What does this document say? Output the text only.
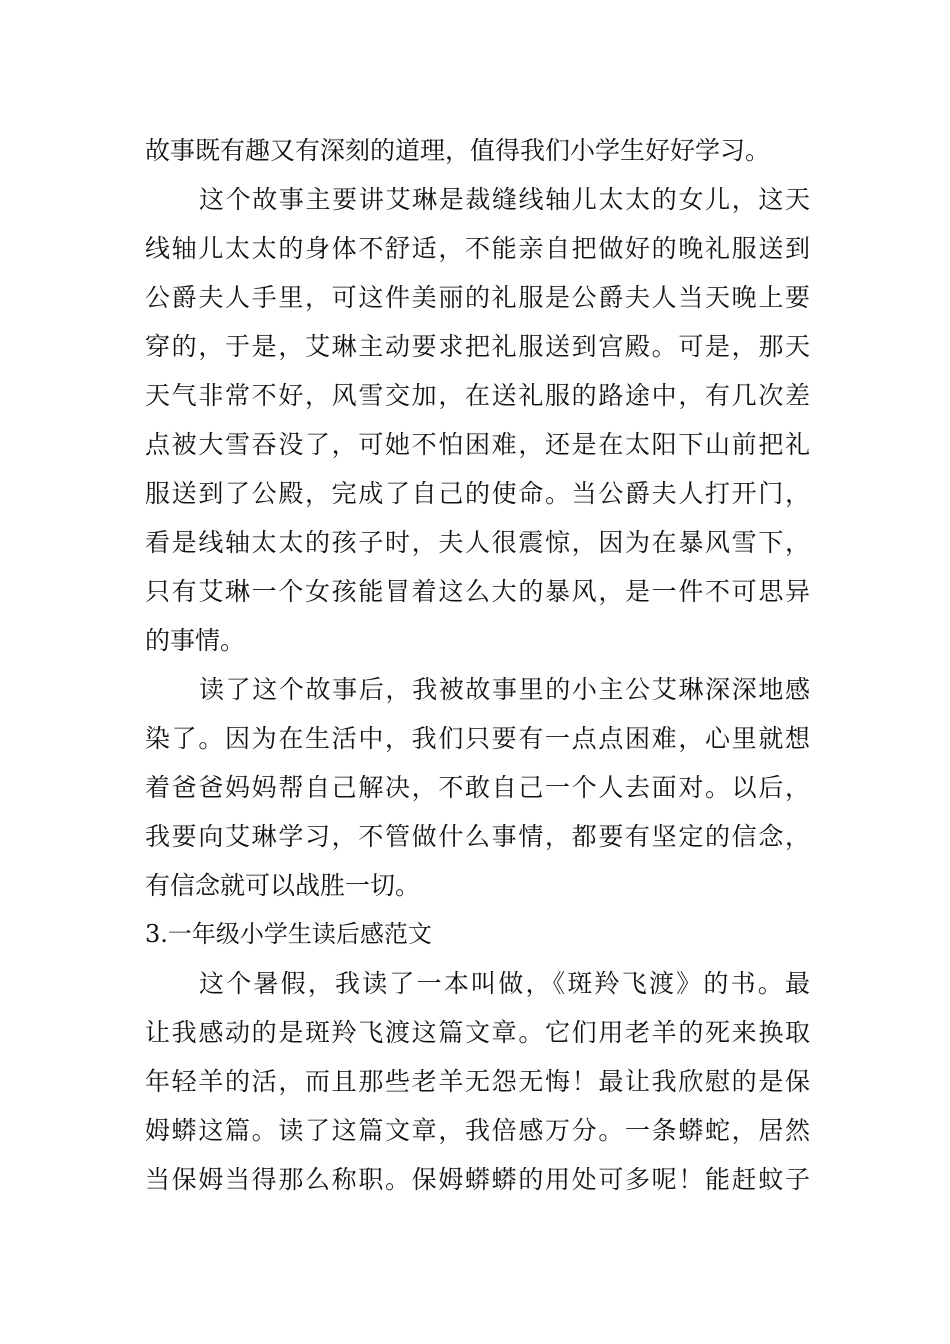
故事既有趣又有深刻的道理，值得我们小学生好好学习。
这个故事主要讲艾琳是裁缝线轴儿太太的女儿，这天
线轴儿太太的身体不舒适，不能亲自把做好的晚礼服送到
公爵夫人手里，可这件美丽的礼服是公爵夫人当天晚上要
穿的，于是，艾琳主动要求把礼服送到宫殿。可是，那天
天气非常不好，风雪交加，在送礼服的路途中，有几次差
点被大雪吞没了，可她不怕困难，还是在太阳下山前把礼
服送到了公殿，完成了自己的使命。当公爵夫人打开门，
看是线轴太太的孩子时，夫人很震惊，因为在暴风雪下，
只有艾琳一个女孩能冒着这么大的暴风，是一件不可思异
的事情。
读了这个故事后，我被故事里的小主公艾琳深深地感
染了。因为在生活中，我们只要有一点点困难，心里就想
着爸爸妈妈帮自己解决，不敢自己一个人去面对。以后，
我要向艾琳学习，不管做什么事情，都要有坚定的信念，
有信念就可以战胜一切。
3.一年级小学生读后感范文
这个暑假，我读了一本叫做，《斑羚飞渡》的书。最
让我感动的是斑羚飞渡这篇文章。它们用老羊的死来换取
年轻羊的活，而且那些老羊无怨无悔！最让我欣慰的是保
姆蟒这篇。读了这篇文章，我倍感万分。一条蟒蛇，居然
当保姆当得那么称职。保姆蟒蟒的用处可多呢！能赶蚊子
